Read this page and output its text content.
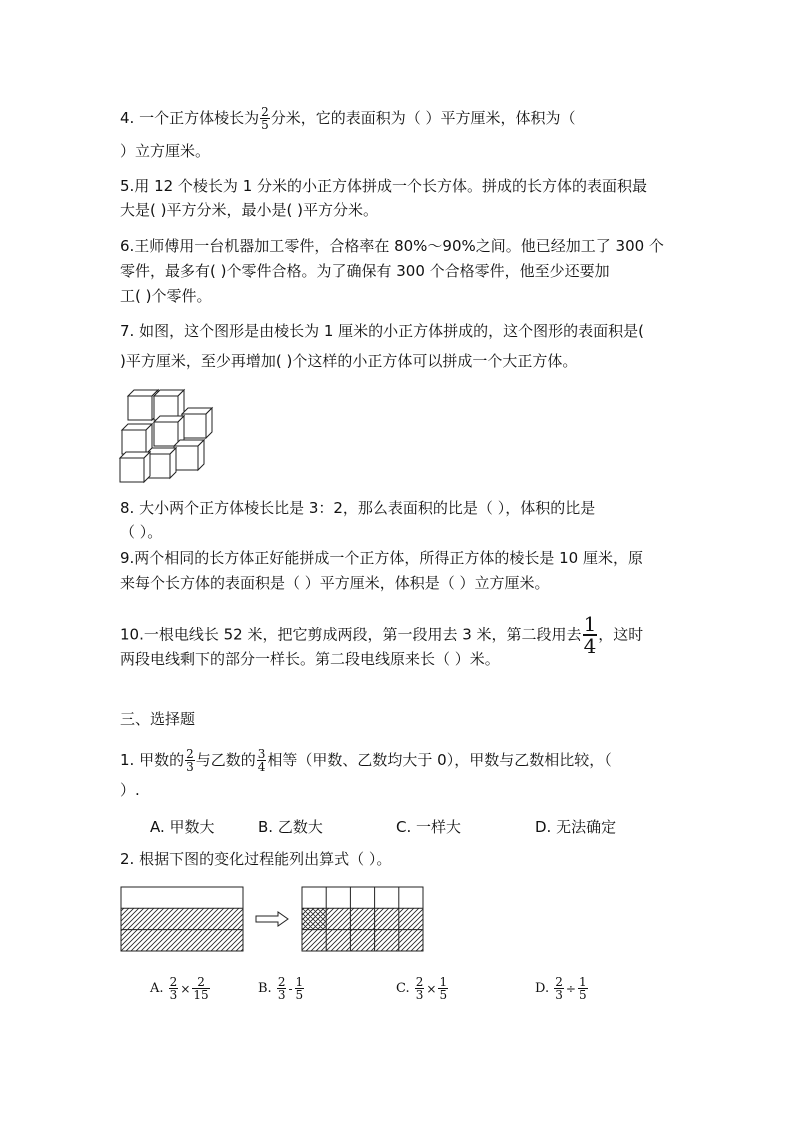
4. 一个正方体棱长为 $\frac{2}{5}$ 分米，它的表面积为（ ）平方厘米，体积为（
）立方厘米。
5.用 12 个棱长为 1 分米的小正方体拼成一个长方体。拼成的长方体的表面积最
大是( )平方分米，最小是( )平方分米。
6.王师傅用一台机器加工零件，合格率在 80%～90%之间。他已经加工了 300 个
零件，最多有( )个零件合格。为了确保有 300 个合格零件，他至少还要加
工( )个零件。
7. 如图，这个图形是由棱长为 1 厘米的小正方体拼成的，这个图形的表面积是(
)平方厘米，至少再增加( )个这样的小正方体可以拼成一个大正方体。
8. 大小两个正方体棱长比是 3：2，那么表面积的比是（ ），体积的比是
（ ）。
9.两个相同的长方体正好能拼成一个正方体，所得正方体的棱长是 10 厘米，原
来每个长方体的表面积是（ ）平方厘米，体积是（ ）立方厘米。
10.一根电线长 52 米，把它剪成两段，第一段用去 3 米，第二段用去 $\frac{1}{4}$ ，这时
两段电线剩下的部分一样长。第二段电线原来长（ ）米。
三、选择题
1. 甲数的 $\frac{2}{3}$ 与乙数的 $\frac{3}{4}$ 相等（甲数、乙数均大于 0），甲数与乙数相比较，（
）.
A. 甲数大	B. 乙数大	C. 一样大	D. 无法确定
2. 根据下图的变化过程能列出算式（ ）。
A. $\frac{2}{3} \times \frac{2}{15}$	B. $\frac{2}{3} - \frac{1}{5}$	C. $\frac{2}{3} \times \frac{1}{5}$	D. $\frac{2}{3} \div \frac{1}{5}$
